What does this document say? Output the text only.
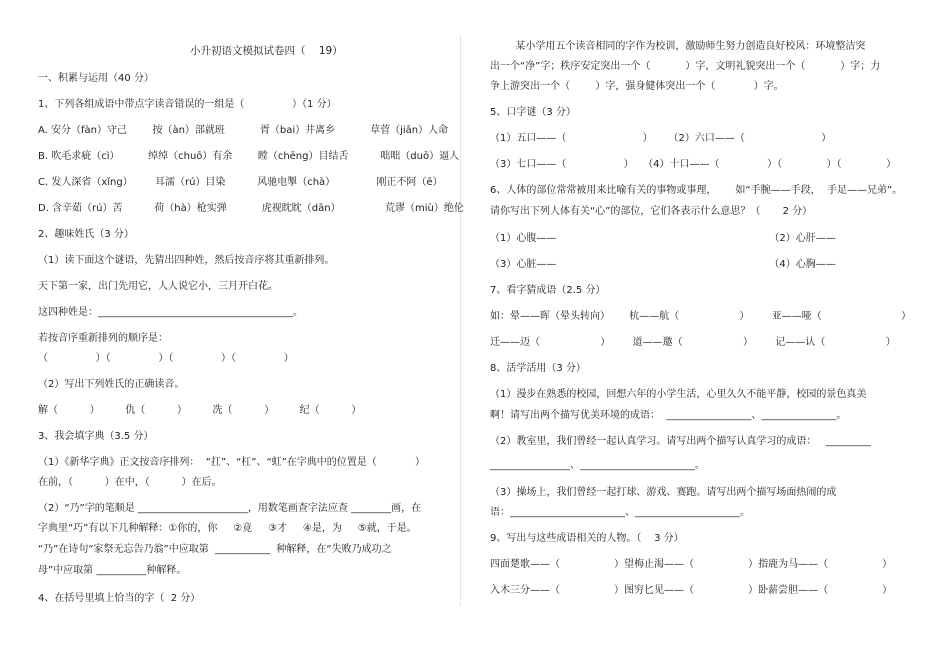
小升初语文模拟试卷四（    19）
一、积累与运用（40 分）
1、下列各组成语中带点字读音错误的一组是（               ）（1 分）
A. 安分（fàn）守己        按（àn）部就班           胥（bai）井离乡           草菅（jiān）人命
B. 吹毛求疵（cì）         绰绰（chuō）有余        瞠（chēng）目结舌          咄咄（duō）逼人
C. 发人深省（xǐng）       耳濡（rú）目染          风驰电掣（chà）             刚正不阿（ē）
D. 含辛茹（rú）苦          荷（hà）枪实弹           虎视眈眈（dān）              荒谬（miù）绝伦
2、趣味姓氏（3 分）
（1）读下面这个谜语，先猜出四种姓，然后按音序将其重新排列。
天下第一家，出门先用它，人人说它小，三月开白花。
这四种姓是：_______________________________________。
若按音序重新排列的顺序是：
（               ）（               ）（               ）（               ）
（2）写出下列姓氏的正确读音。
解（          ）        仇（          ）        冼（          ）        纪（          ）
3、我会填字典（3.5 分）
（1）《新华字典》正文按音序排列：  “扛”、“杠”、“虹”在字典中的位置是（            ）
在前，（          ）在中，（          ）在后。
（2）“乃”字的笔顺是 ______________________，用数笔画查字法应查 ________画，在
字典里“巧”有以下几种解释：①你的，你     ②竟     ③才     ④是，为     ⑤就，于是。
“乃”在诗句“家祭无忘告乃翁”中应取第  ___________  种解释，在“失败乃成功之
母”中应取第 __________种解释。
4、在括号里填上恰当的字（  2 分）
某小学用五个读音相同的字作为校训，激励师生努力创造良好校风：环境整洁突
出一个“净”字；秩序安定突出一个（           ）字，文明礼貌突出一个（           ）字；力
争上游突出一个（        ）字，强身健体突出一个（            ）字。
5、口字谜（3 分）
（1）五口——（                        ）     （2）六口——（                        ）
（3）七口——（                  ）   （4）十口——（               ）（              ）（              ）
6、人体的部位常常被用来比喻有关的事物或事理，      如“手腕——手段，  手足——兄弟”。
请你写出下列人体有关“心”的部位，它们各表示什么意思？（       2 分）
（1）心腹——                                                                   （2）心肝——
（3）心脏——                                                                   （4）心胸——
7、看字猜成语（2.5 分）
如：晕——晖（晕头转向）      杭——航（                   ）       亚——哑（                         ）
迁——迈（                   ）       道——邀（                   ）       记——认（                   ）
8、活学活用（3 分）
（1）漫步在熟悉的校园，回想六年的小学生活，心里久久不能平静，校园的景色真美
啊！请写出两个描写优美环境的成语：  _________________、_______________。
（2）教室里，我们曾经一起认真学习。请写出两个描写认真学习的成语：   _________
________________、_______________________。
（3）操场上，我们曾经一起打球、游戏、赛跑。请写出两个描写场面热闹的成
语：_______________________、_____________________。
9、写出与这些成语相关的人物。（    3 分）
四面楚歌——（                 ）望梅止渴——（                 ）指鹿为马——（                 ）
入木三分——（                 ）图穷匕见——（                 ）卧薪尝胆——（                 ）
